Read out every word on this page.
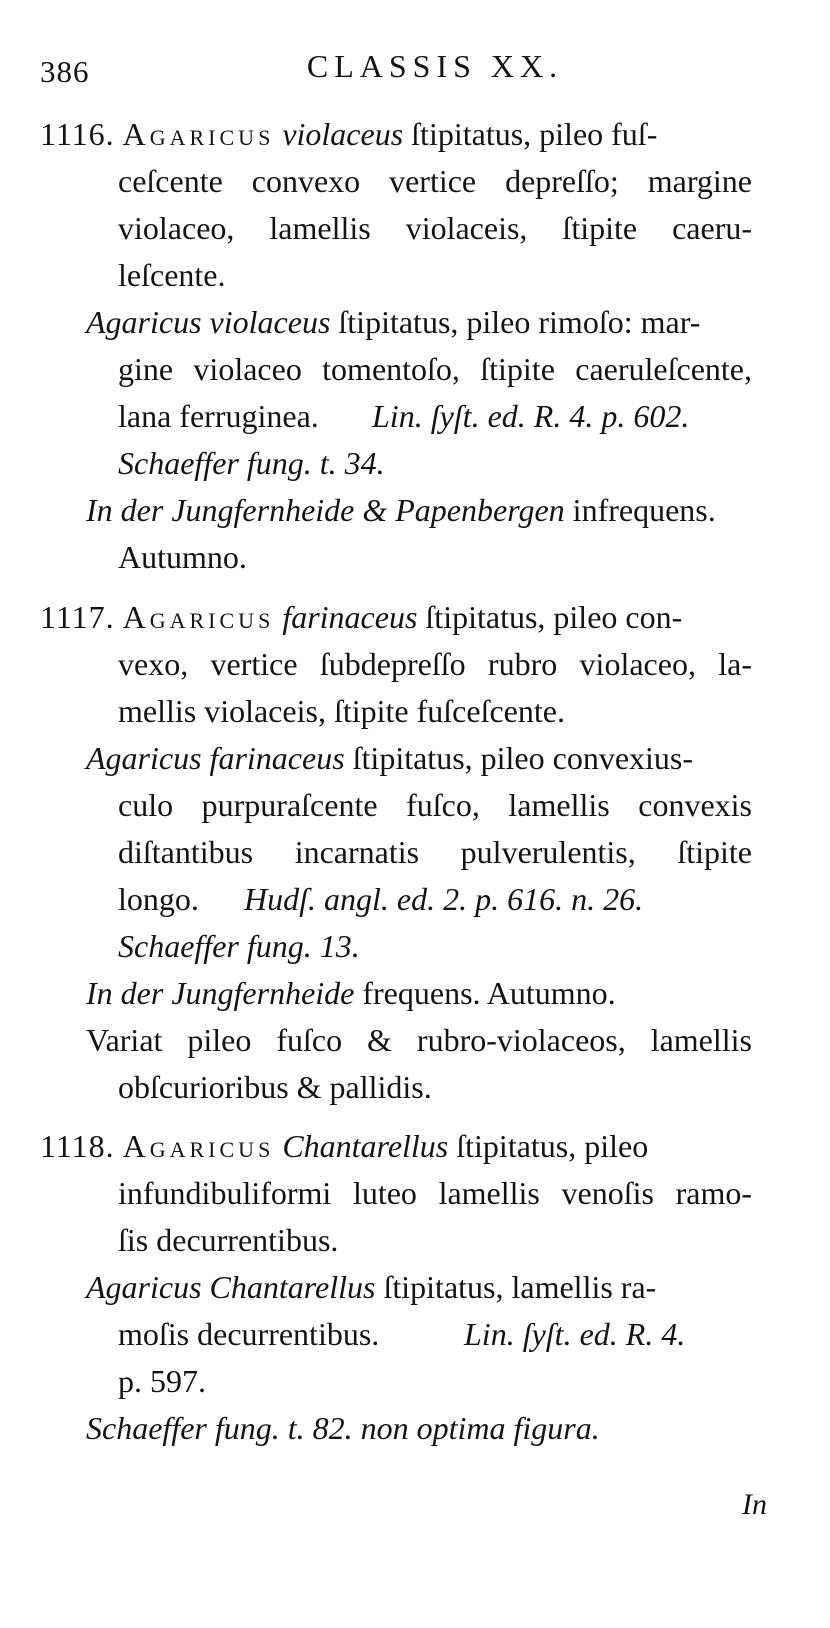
386	CLASSIS XX.
1116. Agaricus violaceus ſtipitatus, pileo fuſ-
ceſcente convexo vertice depreſſo; margine
violaceo, lamellis violaceis, ſtipite caeru-
leſcente.
Agaricus violaceus ſtipitatus, pileo rimoſo: mar-
gine violaceo tomentoſo, ſtipite caeruleſcente,
lana ferruginea. Lin. ſyſt. ed. R. 4. p. 602.
Schaeffer fung. t. 34.
In der Jungfernheide & Papenbergen infrequens.
Autumno.
1117. Agaricus farinaceus ſtipitatus, pileo con-
vexo, vertice ſubdepreſſo rubro violaceo, la-
mellis violaceis, ſtipite fuſceſcente.
Agaricus farinaceus ſtipitatus, pileo convexius-
culo purpuraſcente fuſco, lamellis convexis
diſtantibus incarnatis pulverulentis, ſtipite
longo. Hudſ. angl. ed. 2. p. 616. n. 26.
Schaeffer fung. 13.
In der Jungfernheide frequens. Autumno.
Variat pileo fuſco & rubro-violaceos, lamellis
obſcurioribus & pallidis.
1118. Agaricus Chantarellus ſtipitatus, pileo
infundibuliformi luteo lamellis venoſis ramo-
ſis decurrentibus.
Agaricus Chantarellus ſtipitatus, lamellis ra-
moſis decurrentibus.	Lin. ſyſt. ed. R. 4.
p. 597.
Schaeffer fung. t. 82. non optima figura.
In
